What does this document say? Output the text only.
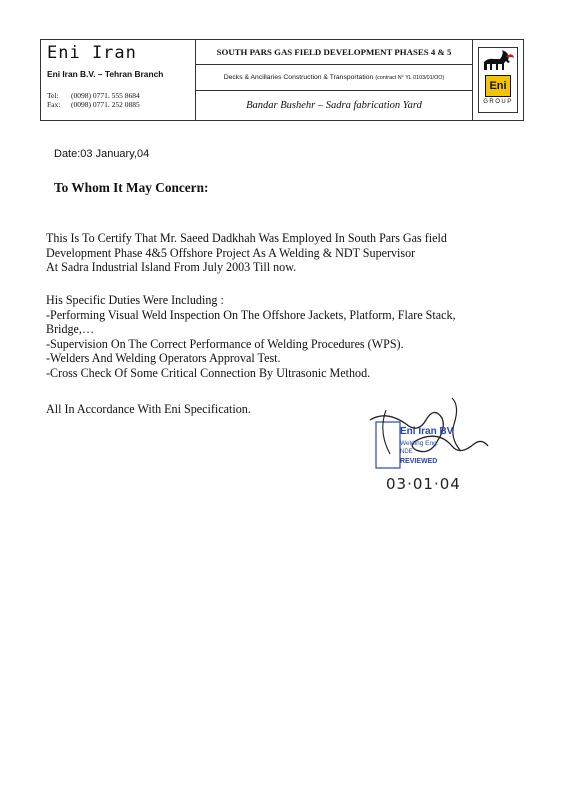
Eni Iran
Eni Iran B.V. – Tehran Branch
Tel: (0098) 0771. 555 8684
Fax: (0098) 0771. 252 0885
SOUTH PARS GAS FIELD DEVELOPMENT PHASES 4 & 5
Decks & Ancillaries Construction & Transportation (contract N° YL 0103/01/OO)
Bandar Bushehr – Sadra fabrication Yard
Eni
GROUP
Date:03 January,04
To Whom It May Concern:
This Is To Certify That Mr. Saeed Dadkhah Was Employed In South Pars Gas field
Development Phase 4&5 Offshore Project As A Welding & NDT Supervisor
At Sadra Industrial Island From July 2003 Till now.
His Specific Duties Were Including :
-Performing Visual Weld Inspection On The Offshore Jackets, Platform, Flare Stack,
Bridge,…
-Supervision On The Correct Performance of Welding Procedures (WPS).
-Welders And Welding Operators Approval Test.
-Cross Check Of Some Critical Connection By Ultrasonic Method.
All In Accordance With Eni Specification.
Eni Iran BV
Welding Eng.
NDE
REVIEWED
03·01·04
